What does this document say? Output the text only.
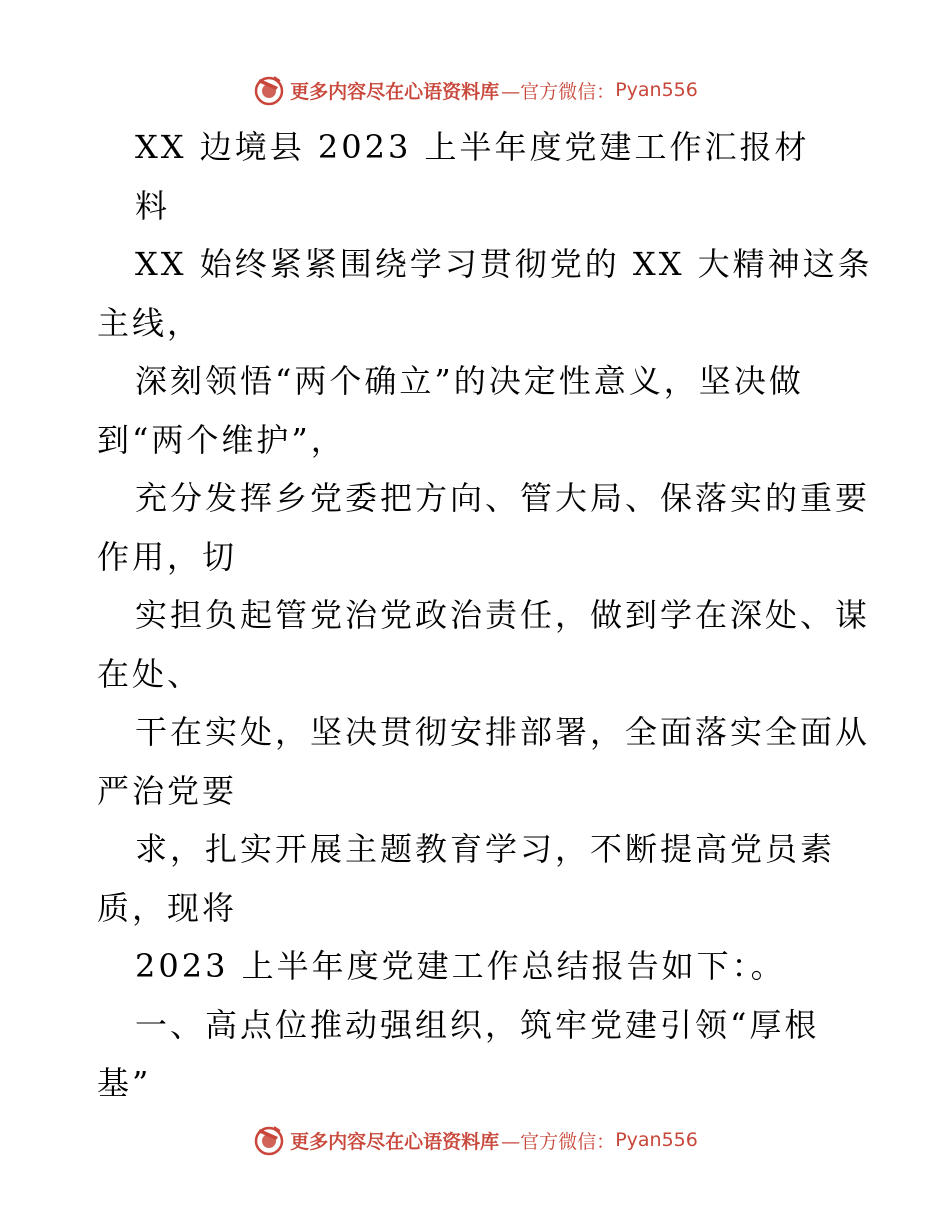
更多内容尽在心语资料库 —官方微信： Pyan556
XX 边境县 2023 上半年度党建工作汇报材
料
XX 始终紧紧围绕学习贯彻党的 XX 大精神这条
主线，
深刻领悟“两个确立”的决定性意义，坚决做
到“两个维护”，
充分发挥乡党委把方向、管大局、保落实的重要
作用，切
实担负起管党治党政治责任，做到学在深处、谋
在处、
干在实处，坚决贯彻安排部署，全面落实全面从
严治党要
求，扎实开展主题教育学习，不断提高党员素
质，现将
2023 上半年度党建工作总结报告如下：。
一、高点位推动强组织，筑牢党建引领“厚根
基”
更多内容尽在心语资料库 —官方微信： Pyan556
